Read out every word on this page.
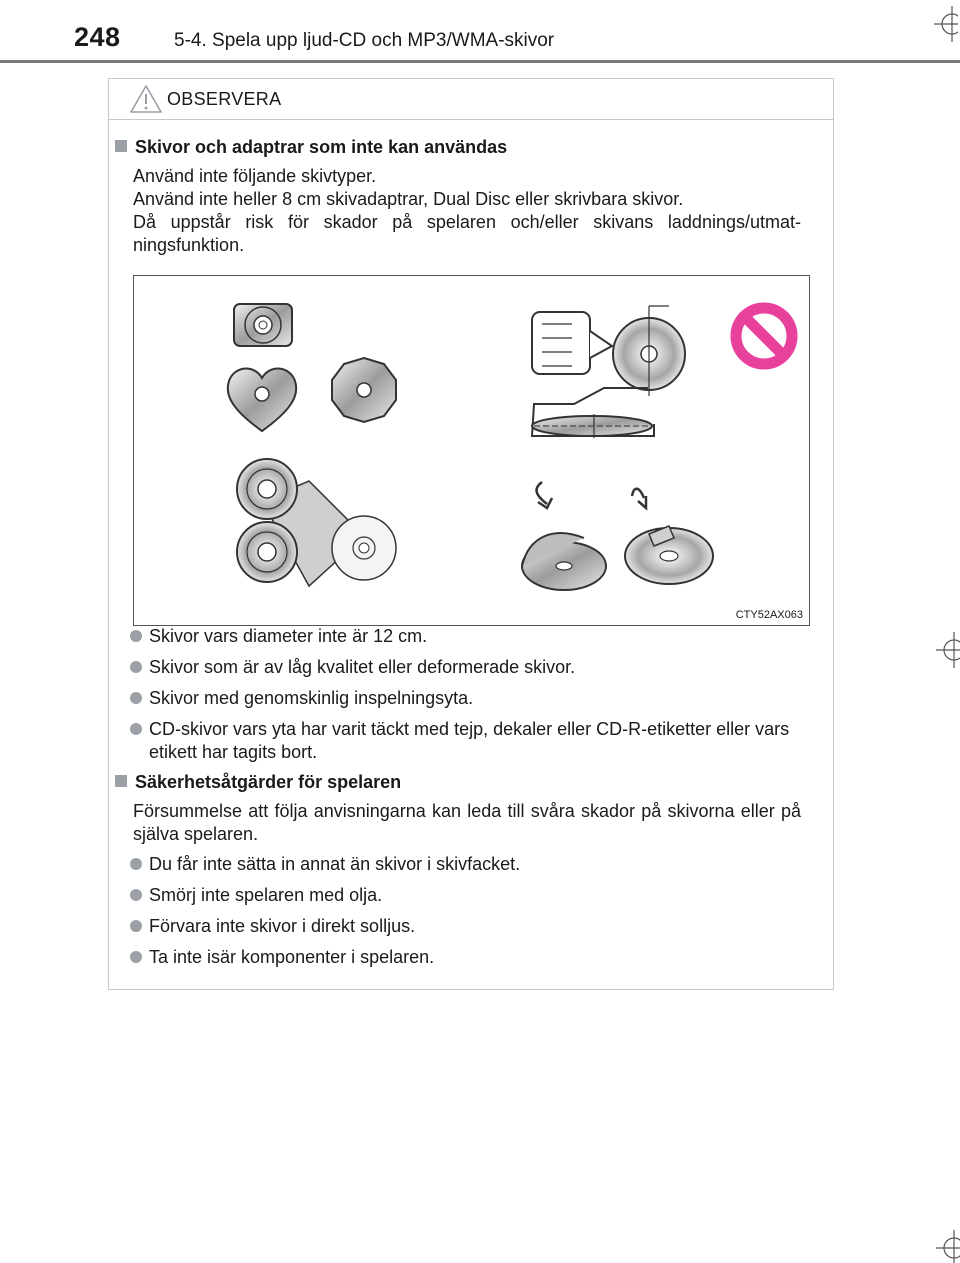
248	5-4. Spela upp ljud-CD och MP3/WMA-skivor
OBSERVERA
Skivor och adaptrar som inte kan användas
Använd inte följande skivtyper.
Använd inte heller 8 cm skivadaptrar, Dual Disc eller skrivbara skivor.
Då uppstår risk för skador på spelaren och/eller skivans laddnings/utmat-ningsfunktion.
CTY52AX063
Skivor vars diameter inte är 12 cm.
Skivor som är av låg kvalitet eller deformerade skivor.
Skivor med genomskinlig inspelningsyta.
CD-skivor vars yta har varit täckt med tejp, dekaler eller CD-R-etiketter eller vars etikett har tagits bort.
Säkerhetsåtgärder för spelaren
Försummelse att följa anvisningarna kan leda till svåra skador på skivorna eller på själva spelaren.
Du får inte sätta in annat än skivor i skivfacket.
Smörj inte spelaren med olja.
Förvara inte skivor i direkt solljus.
Ta inte isär komponenter i spelaren.
